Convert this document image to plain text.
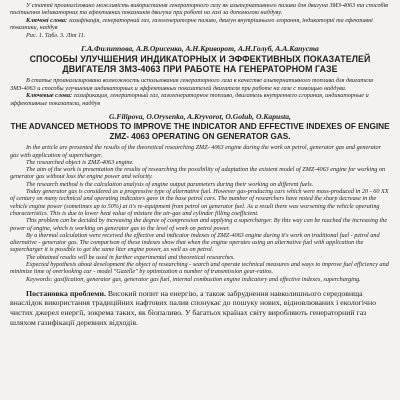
У статті проаналізовано можливість використання генераторного газу як альтернативного палива для двигуна ЗМЗ-4063 та способів поліпшення індикаторних та ефективних показників двигуна при роботі на газі за допомогою наддуву.

Ключові слова: газифікація, генераторний газ, газогенераторне паливо, двигун внутрішнього згорання, індикаторні та ефективні показники, наддув

Рис. 1. Табл. 3. Літ 11.

Г.А.Филиппова, А.В.Орисенко, А.Н.Криворот, А.Н.Голуб, А.А.Капуста
СПОСОБЫ УЛУЧШЕНИЯ ИНДИКАТОРНЫХ И ЭФФЕКТИВНЫХ ПОКАЗАТЕЛЕЙ ДВИГАТЕЛЯ ЗМЗ-4063 ПРИ РАБОТЕ НА ГЕНЕРАТОРНОМ ГАЗЕ

В статье проанализирована возможность использования генераторного газа в качестве альтернативного топлива для двигателя ЗМЗ-4063 и способы улучшения индикаторных и эффективных показателей двигателя при работе на газе с помощью наддува.

Ключевые слова: газификация, генераторный газ, газогенераторное топливо, двигатель внутреннего сгорания, индикаторные и эффективные показатели, наддув

G.Filipova, O.Orysenko, A.Kryvorot, O.Golub, O.Kapusta,
THE ADVANCED METHODS TO IMPROVE THE INDICATOR AND EFFECTIVE INDEXES OF ENGINE ZMZ- 4063 OPERATING ON GENERATOR GAS.

In the article are presented the results of the theoretical researching ZMZ- 4063 engine during the work on petrol, generator gas and generator gas with application of supercharger.

The researched object is ZMZ-4063 engine.

The aim of the work is presentation the results of researching the possibility of adaptation the existent model of ZMZ-4063 engine for working on generator gas without loss the engine power and velocity.

The research method is the calculation analysis of engine output parameters during their working on different fuels.

Today generator gas is considered as a progressive type of alternative fuel. However gas-producing cars which were mass-produced in 20 - 60 XX of century on many technical and operating indicators gave in the base petrol cars. The number of researchers have noted the sharp decrease in the vehicle engine power (sometimes up to 50%) at it's re-equipment from petrol on generator fuel. As a result there was worsening the vehicle operating characteristics. This is due to lower heat value of mixture the air-gas and cylinder filling coefficient.

This problem can be decided by increasing the degree of compression and applying a supercharger. By this way can be reached the increasing the power of engine, which is working on generator gas to the level of work on petrol power.

By a thermal calculation were received the effective and indicator indexes of ZMZ-4063 engine during it's work on traditional fuel - petrol and alternative - generator gas. The comparison of these indexes show that when the engine operates using an alternative fuel with application the supercharger it is possible to get the same liter engine power, as well as on petrol.

The obtained results will be used in further experimental and theoretical researches.

Expected hypothesis about development the object of researching - search and operate technical measures and ways to improve fuel efficiency and minimize time of overlooking car - model "Gazelle" by optimization a number of transmission gear-ratios.

Keywords: gasification, generator gas, generator gas fuel, internal combustion engine indicatory and effective indexes, supercharging.

Постановка проблеми. Високий попит на енергію, а також забруднення навколишнього середовища внаслідок використання традиційних нафтових палив спонукає до пошуку нових, відновлюваних і екологічно чистих джерел енергії, зокрема таких, як біопаливо. У багатьох країнах світу виробляють генераторний газ шляхом газифікації деревних відходів.
